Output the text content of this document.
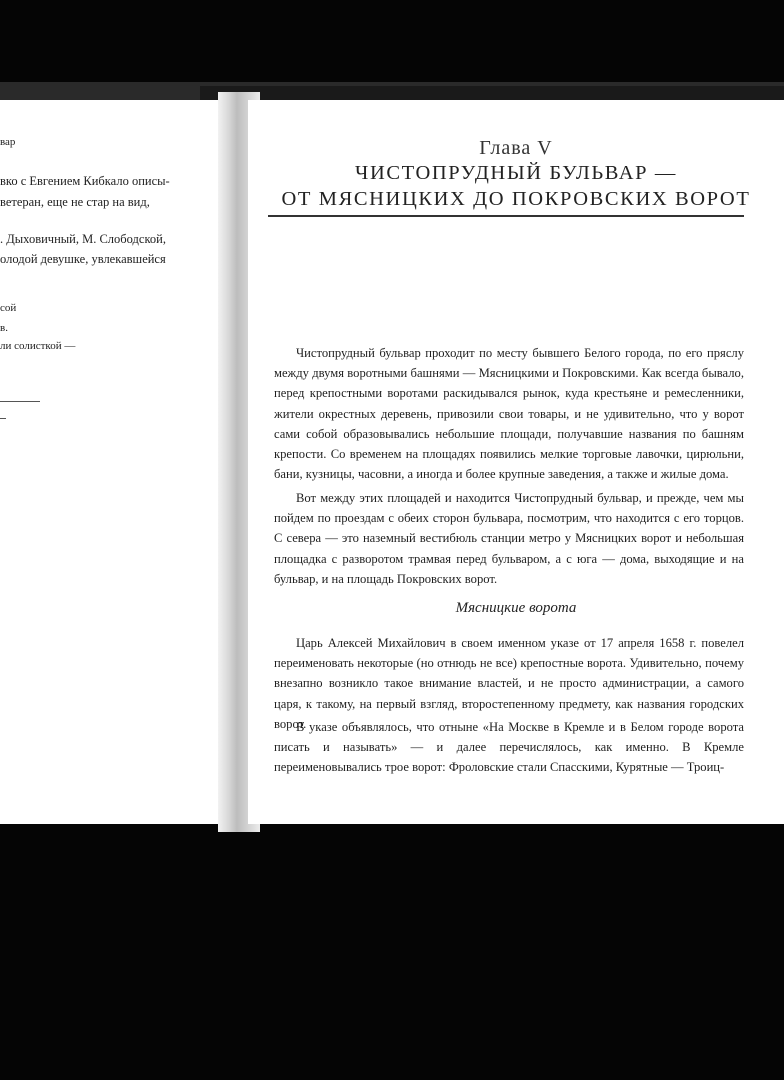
вар
вко с Евгением Кибкало описы-
ветеран, еще не стар на вид,
. Дыховичный, М. Слободской,
олодой девушке, увлекавшейся
сой
в.
ли солисткой —
Глава V
ЧИСТОПРУДНЫЙ БУЛЬВАР —
ОТ МЯСНИЦКИХ ДО ПОКРОВСКИХ ВОРОТ
Чистопрудный бульвар проходит по месту бывшего Белого города, по его пряслу между двумя воротными башнями — Мясницкими и Покровскими. Как всегда бывало, перед крепостными воротами раскидывался рынок, куда крестьяне и ремесленники, жители окрестных деревень, привозили свои товары, и не удивительно, что у ворот сами собой образовывались небольшие площади, получавшие названия по башням крепости. Со временем на площадях появились мелкие торговые лавочки, цирюльни, бани, кузницы, часовни, а иногда и более крупные заведения, а также и жилые дома.
Вот между этих площадей и находится Чистопрудный бульвар, и прежде, чем мы пойдем по проездам с обеих сторон бульвара, посмотрим, что находится с его торцов. С севера — это наземный вестибюль станции метро у Мясницких ворот и небольшая площадка с разворотом трамвая перед бульваром, а с юга — дома, выходящие и на бульвар, и на площадь Покровских ворот.
Мясницкие ворота
Царь Алексей Михайлович в своем именном указе от 17 апреля 1658 г. повелел переименовать некоторые (но отнюдь не все) крепостные ворота. Удивительно, почему внезапно возникло такое внимание властей, и не просто администрации, а самого царя, к такому, на первый взгляд, второстепенному предмету, как названия городских ворот.
В указе объявлялось, что отныне «На Москве в Кремле и в Белом городе ворота писать и называть» — и далее перечислялось, как именно. В Кремле переименовывались трое ворот: Фроловские стали Спасскими, Курятные — Троиц-
